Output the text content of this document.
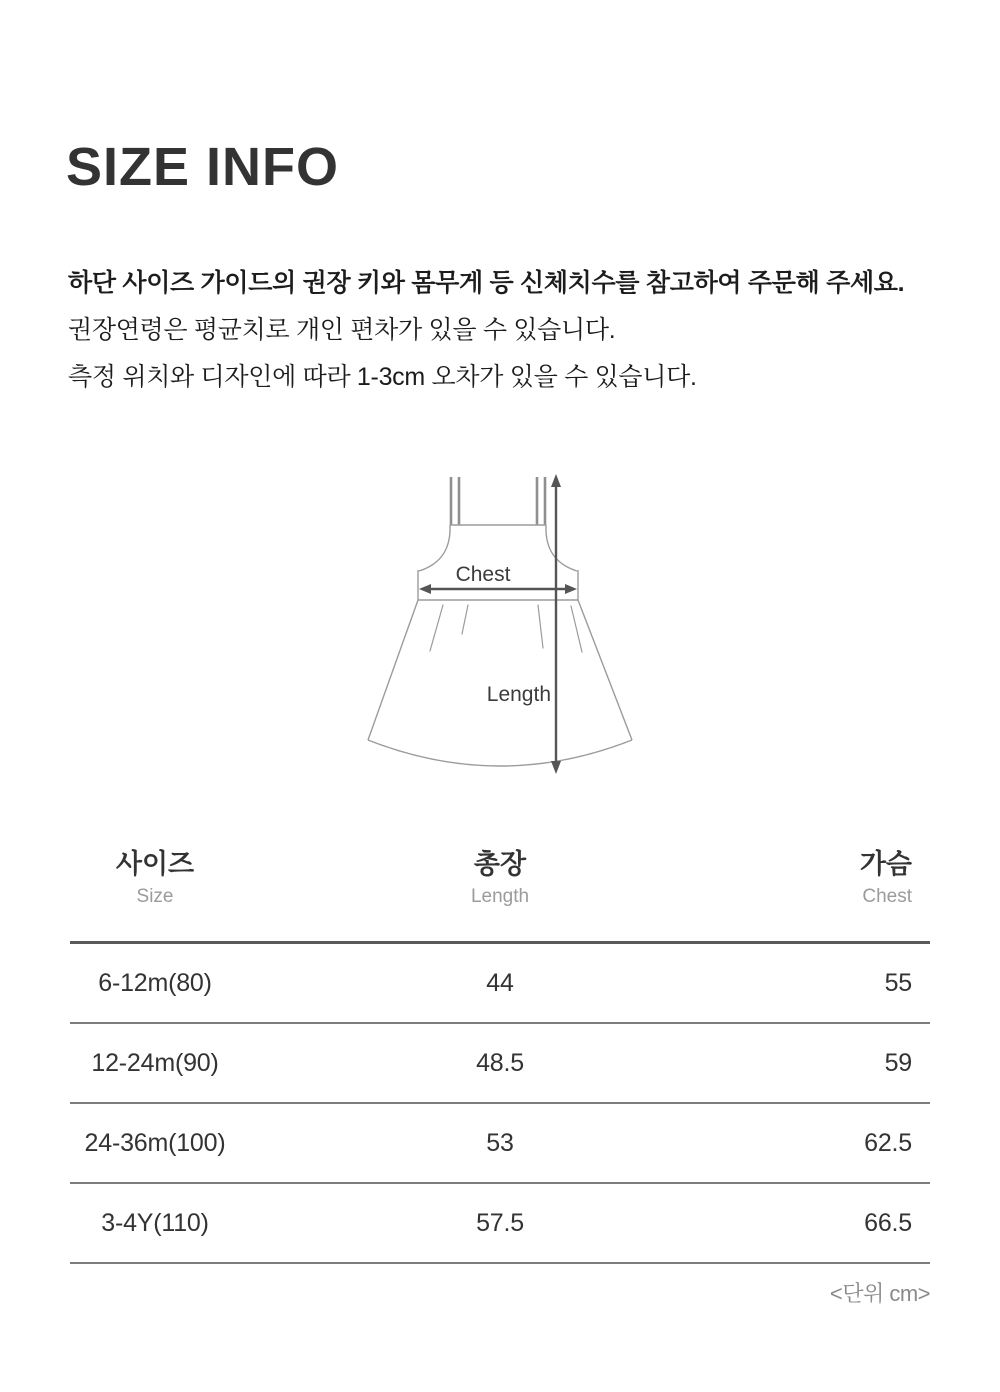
SIZE INFO

하단 사이즈 가이드의 권장 키와 몸무게 등 신체치수를 참고하여 주문해 주세요.

권장연령은 평균치로 개인 편차가 있을 수 있습니다.

측정 위치와 디자인에 따라 1-3cm 오차가 있을 수 있습니다.

Chest
Length
사이즈
Size
총장
Length
가슴
Chest
6-12m(80)	44	55
12-24m(90)	48.5	59
24-36m(100)	53	62.5
3-4Y(110)	57.5	66.5
<단위 cm>
